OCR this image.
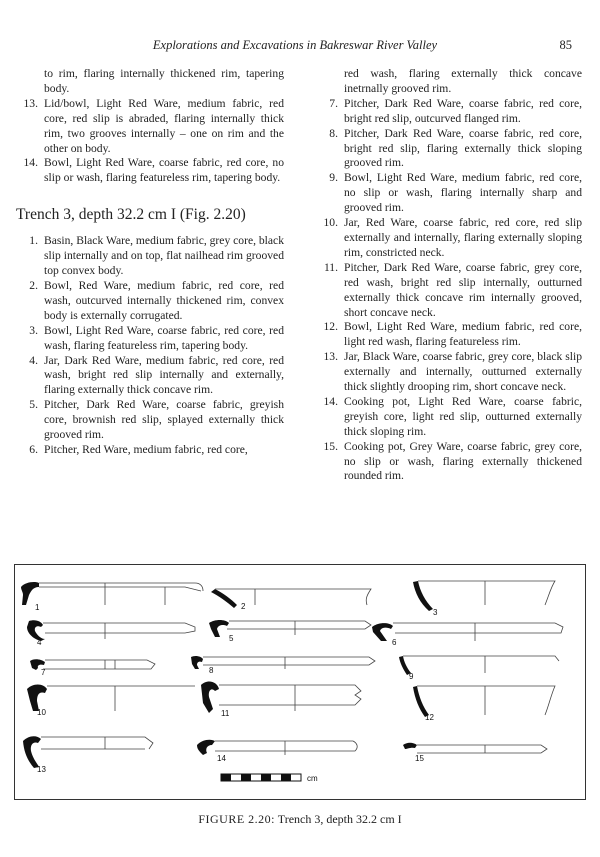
Explorations and Excavations in Bakreswar River Valley	85
to rim, flaring internally thickened rim, tapering body.
13. Lid/bowl, Light Red Ware, medium fabric, red core, red slip is abraded, flaring internally thick rim, two grooves internally – one on rim and the other on body.
14. Bowl, Light Red Ware, coarse fabric, red core, no slip or wash, flaring featureless rim, tapering body.
Trench 3, depth 32.2 cm I (Fig. 2.20)
1. Basin, Black Ware, medium fabric, grey core, black slip internally and on top, flat nailhead rim grooved top convex body.
2. Bowl, Red Ware, medium fabric, red core, red wash, outcurved internally thickened rim, convex body is externally corrugated.
3. Bowl, Light Red Ware, coarse fabric, red core, red wash, flaring featureless rim, tapering body.
4. Jar, Dark Red Ware, medium fabric, red core, red wash, bright red slip internally and externally, flaring externally thick concave rim.
5. Pitcher, Dark Red Ware, coarse fabric, greyish core, brownish red slip, splayed externally thick grooved rim.
6. Pitcher, Red Ware, medium fabric, red core,
red wash, flaring externally thick concave inetrnally grooved rim.
7. Pitcher, Dark Red Ware, coarse fabric, red core, bright red slip, outcurved flanged rim.
8. Pitcher, Dark Red Ware, coarse fabric, red core, bright red slip, flaring externally thick sloping grooved rim.
9. Bowl, Light Red Ware, medium fabric, red core, no slip or wash, flaring internally sharp and grooved rim.
10. Jar, Red Ware, coarse fabric, red core, red slip externally and internally, flaring externally sloping rim, constricted neck.
11. Pitcher, Dark Red Ware, coarse fabric, grey core, red wash, bright red slip internally, outturned externally thick concave rim internally grooved, short concave neck.
12. Bowl, Light Red Ware, medium fabric, red core, light red wash, flaring featureless rim.
13. Jar, Black Ware, coarse fabric, grey core, black slip externally and internally, outturned externally thick slightly drooping rim, short concave neck.
14. Cooking pot, Light Red Ware, coarse fabric, greyish core, light red slip, outturned externally thick sloping rim.
15. Cooking pot, Grey Ware, coarse fabric, grey core, no slip or wash, flaring externally thickened rounded rim.
1	2
3
4	5	6
7	8
9
10	11	12
13
14	15
cm
FIGURE 2.20: Trench 3, depth 32.2 cm I
